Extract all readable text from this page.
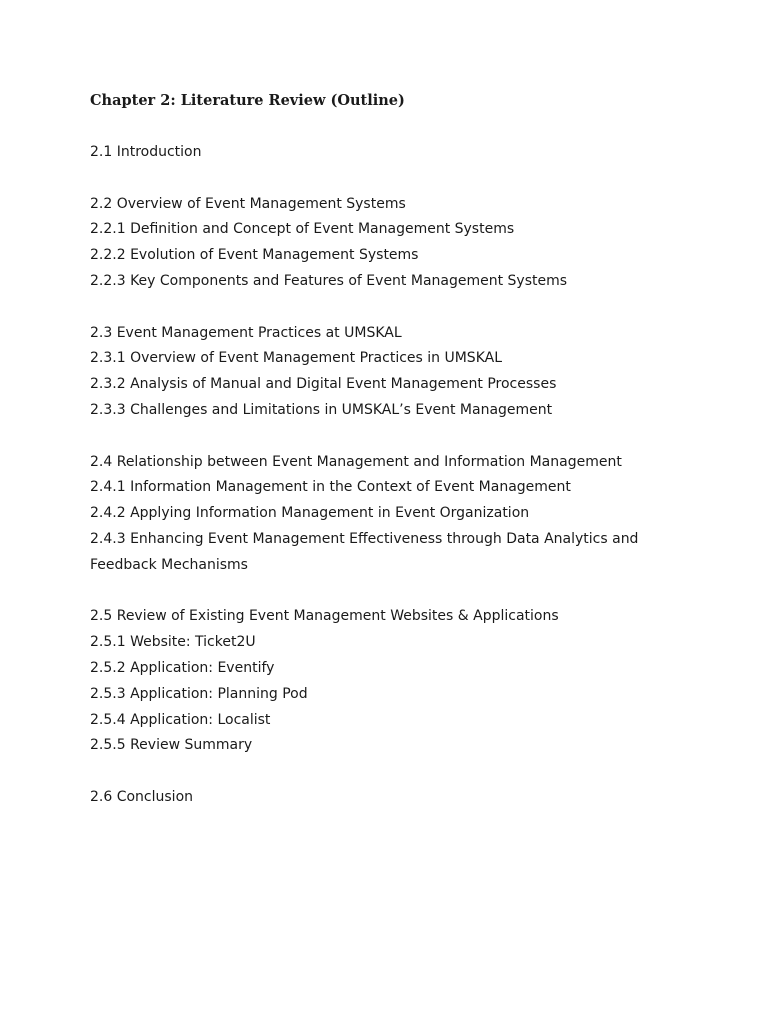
Chapter 2: Literature Review (Outline)
2.1 Introduction
2.2 Overview of Event Management Systems
2.2.1 Definition and Concept of Event Management Systems
2.2.2 Evolution of Event Management Systems
2.2.3 Key Components and Features of Event Management Systems
2.3 Event Management Practices at UMSKAL
2.3.1 Overview of Event Management Practices in UMSKAL
2.3.2 Analysis of Manual and Digital Event Management Processes
2.3.3 Challenges and Limitations in UMSKAL’s Event Management
2.4 Relationship between Event Management and Information Management
2.4.1 Information Management in the Context of Event Management
2.4.2 Applying Information Management in Event Organization
2.4.3 Enhancing Event Management Effectiveness through Data Analytics and Feedback Mechanisms
2.5 Review of Existing Event Management Websites & Applications
2.5.1 Website: Ticket2U
2.5.2 Application: Eventify
2.5.3 Application: Planning Pod
2.5.4 Application: Localist
2.5.5 Review Summary
2.6 Conclusion
